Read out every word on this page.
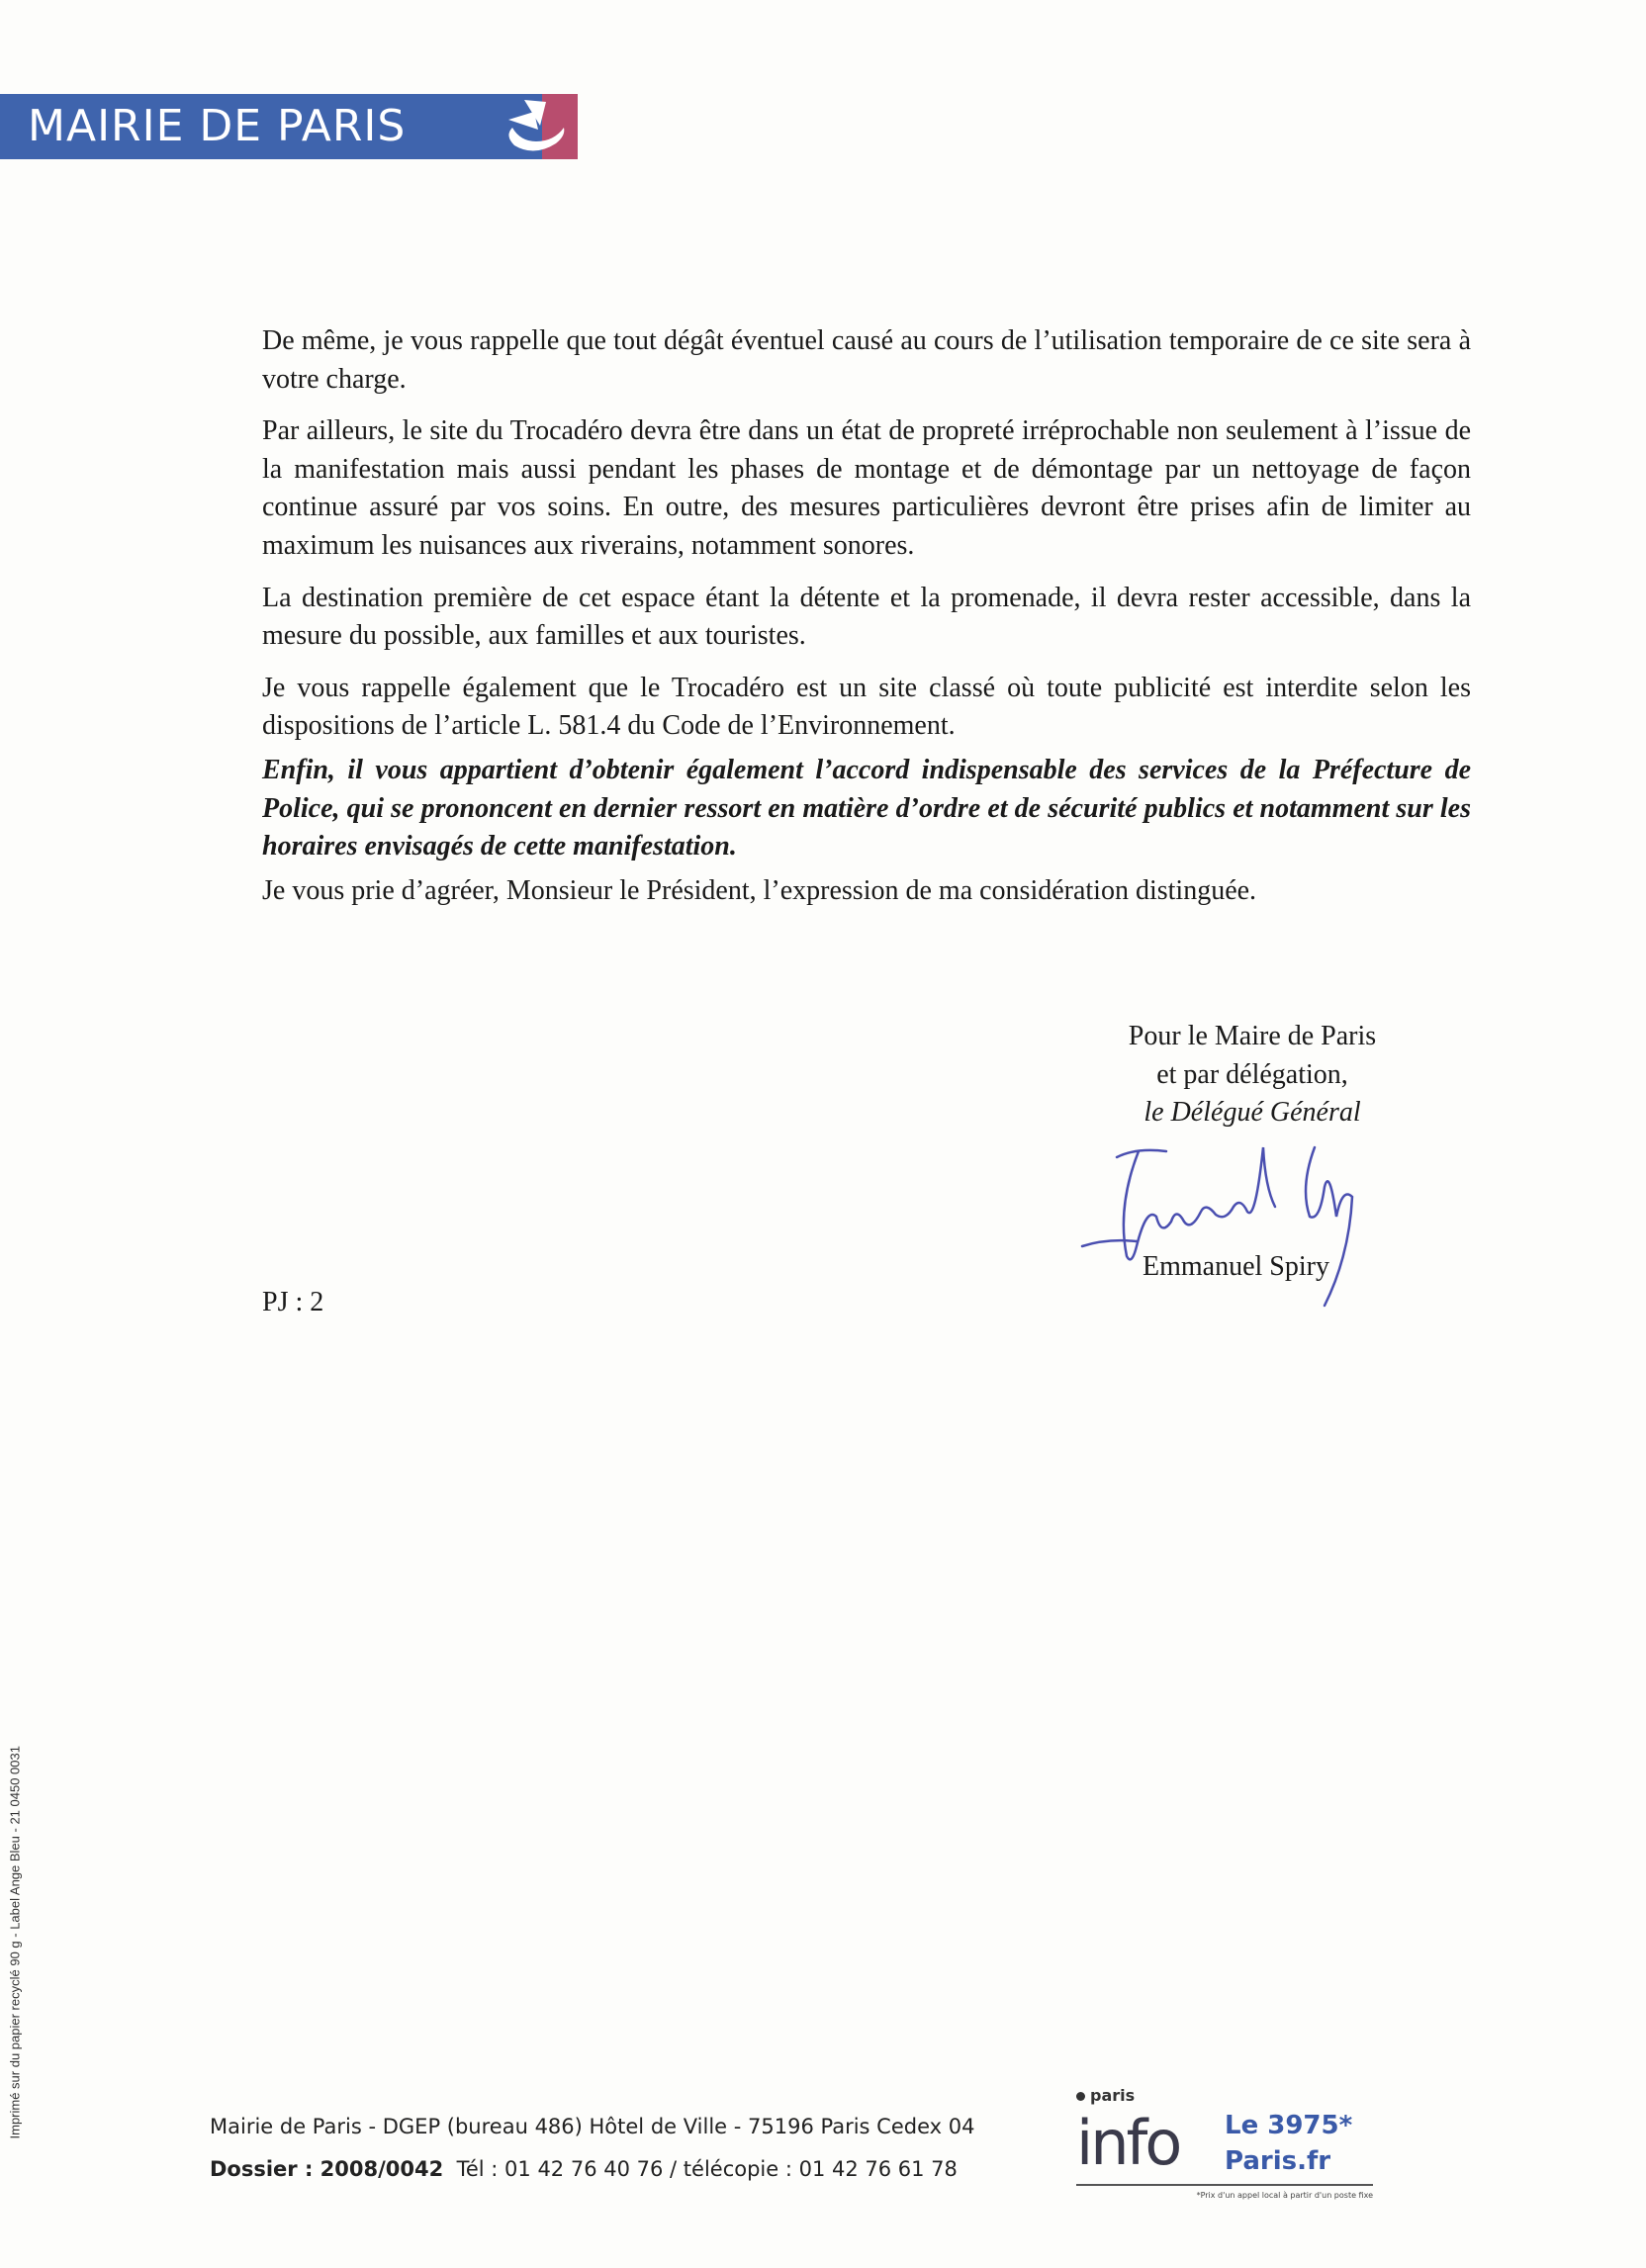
MAIRIE DE PARIS

De même, je vous rappelle que tout dégât éventuel causé au cours de l’utilisation temporaire de ce site sera à votre charge.

Par ailleurs, le site du Trocadéro devra être dans un état de propreté irréprochable non seulement à l’issue de la manifestation mais aussi pendant les phases de montage et de démontage par un nettoyage de façon continue assuré par vos soins. En outre, des mesures particulières devront être prises afin de limiter au maximum les nuisances aux riverains, notamment sonores.

La destination première de cet espace étant la détente et la promenade, il devra rester accessible, dans la mesure du possible, aux familles et aux touristes.

Je vous rappelle également que le Trocadéro est un site classé où toute publicité est interdite selon les dispositions de l’article L. 581.4 du Code de l’Environnement.

Enfin, il vous appartient d’obtenir également l’accord indispensable des services de la Préfecture de Police, qui se prononcent en dernier ressort en matière d’ordre et de sécurité publics et notamment sur les horaires envisagés de cette manifestation.

Je vous prie d’agréer, Monsieur le Président, l’expression de ma considération distinguée.

Pour le Maire de Paris
et par délégation,
le Délégué Général
Emmanuel Spiry
PJ : 2
Mairie de Paris - DGEP (bureau 486) Hôtel de Ville - 75196 Paris Cedex 04
Dossier : 2008/0042 Tél : 01 42 76 40 76 / télécopie : 01 42 76 61 78
paris
info Le 3975*
Paris.fr
*Prix d'un appel local à partir d'un poste fixe
Imprimé sur du papier recyclé 90 g - Label Ange Bleu - 21 0450 0031
